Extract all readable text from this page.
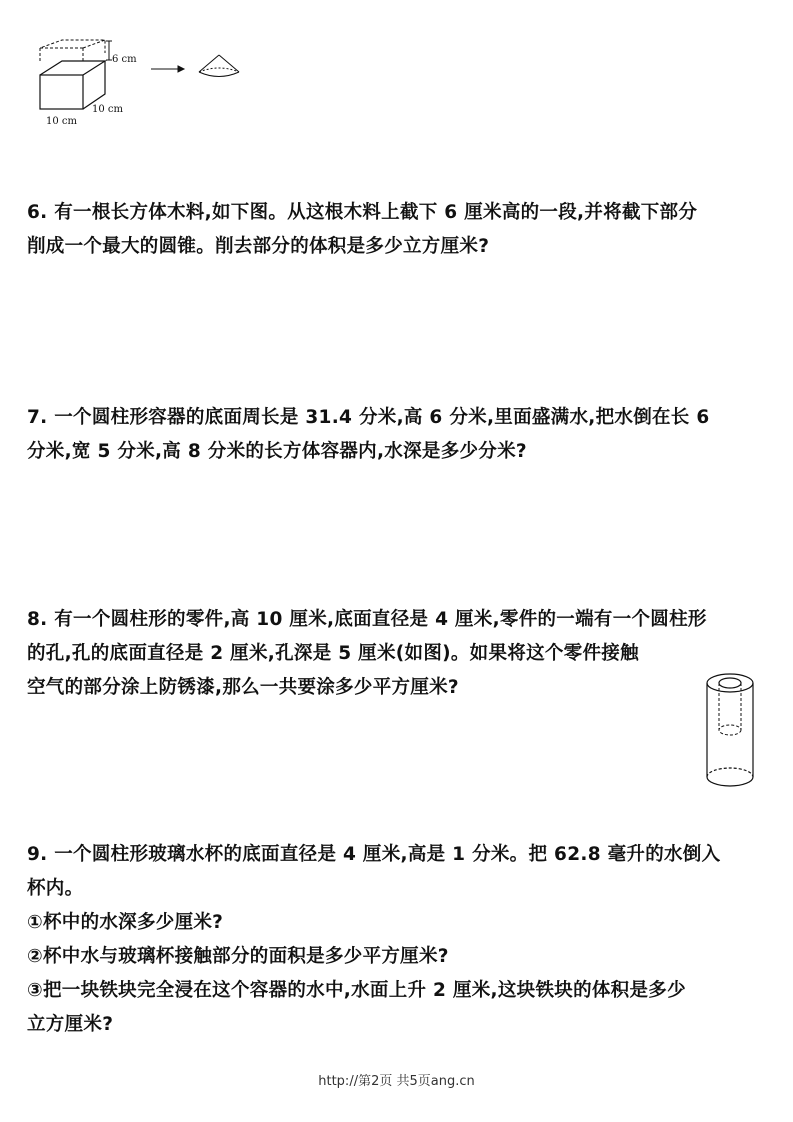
6 cm
10 cm
10 cm
6. 有一根长方体木料,如下图。从这根木料上截下 6 厘米高的一段,并将截下部分
削成一个最大的圆锥。削去部分的体积是多少立方厘米?
7. 一个圆柱形容器的底面周长是 31.4 分米,高 6 分米,里面盛满水,把水倒在长 6
分米,宽 5 分米,高 8 分米的长方体容器内,水深是多少分米?
8. 有一个圆柱形的零件,高 10 厘米,底面直径是 4 厘米,零件的一端有一个圆柱形
的孔,孔的底面直径是 2 厘米,孔深是 5 厘米(如图)。如果将这个零件接触
空气的部分涂上防锈漆,那么一共要涂多少平方厘米?
9. 一个圆柱形玻璃水杯的底面直径是 4 厘米,高是 1 分米。把 62.8 毫升的水倒入
杯内。
①杯中的水深多少厘米?
②杯中水与玻璃杯接触部分的面积是多少平方厘米?
③把一块铁块完全浸在这个容器的水中,水面上升 2 厘米,这块铁块的体积是多少
立方厘米?
http://第2页 共5页ang.cn
